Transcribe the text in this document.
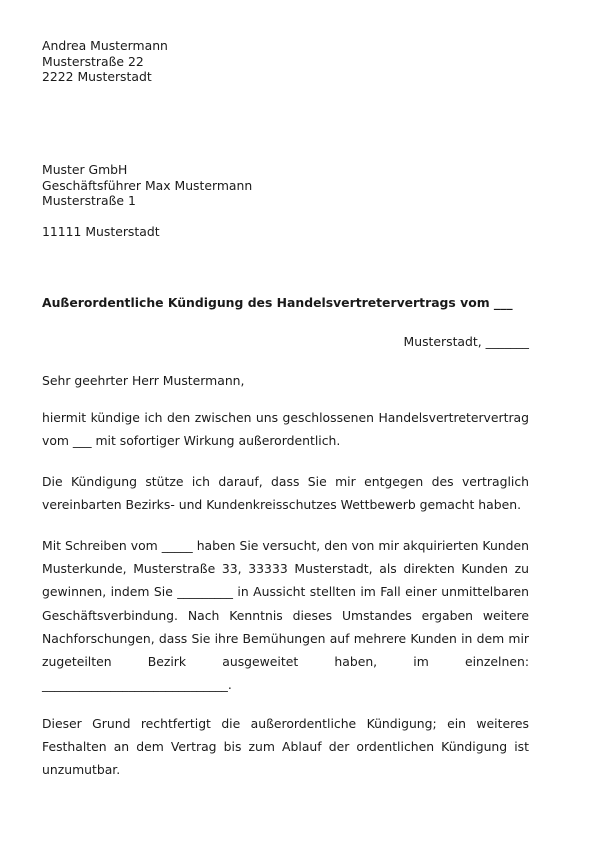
Andrea Mustermann
Musterstraße 22
2222 Musterstadt
Muster GmbH
Geschäftsführer Max Mustermann
Musterstraße 1
11111 Musterstadt
Außerordentliche Kündigung des Handelsvertretervertrags vom ___
Musterstadt, _______
Sehr geehrter Herr Mustermann,
hiermit kündige ich den zwischen uns geschlossenen Handelsvertretervertrag
vom ___ mit sofortiger Wirkung außerordentlich.
Die Kündigung stütze ich darauf, dass Sie mir entgegen des vertraglich
vereinbarten Bezirks- und Kundenkreisschutzes Wettbewerb gemacht haben.
Mit Schreiben vom _____ haben Sie versucht, den von mir akquirierten Kunden
Musterkunde, Musterstraße 33, 33333 Musterstadt, als direkten Kunden zu
gewinnen, indem Sie _________ in Aussicht stellten im Fall einer unmittelbaren
Geschäftsverbindung. Nach Kenntnis dieses Umstandes ergaben weitere
Nachforschungen, dass Sie ihre Bemühungen auf mehrere Kunden in dem mir
zugeteilten Bezirk ausgeweitet haben, im einzelnen:
______________________________.
Dieser Grund rechtfertigt die außerordentliche Kündigung; ein weiteres
Festhalten an dem Vertrag bis zum Ablauf der ordentlichen Kündigung ist
unzumutbar.
